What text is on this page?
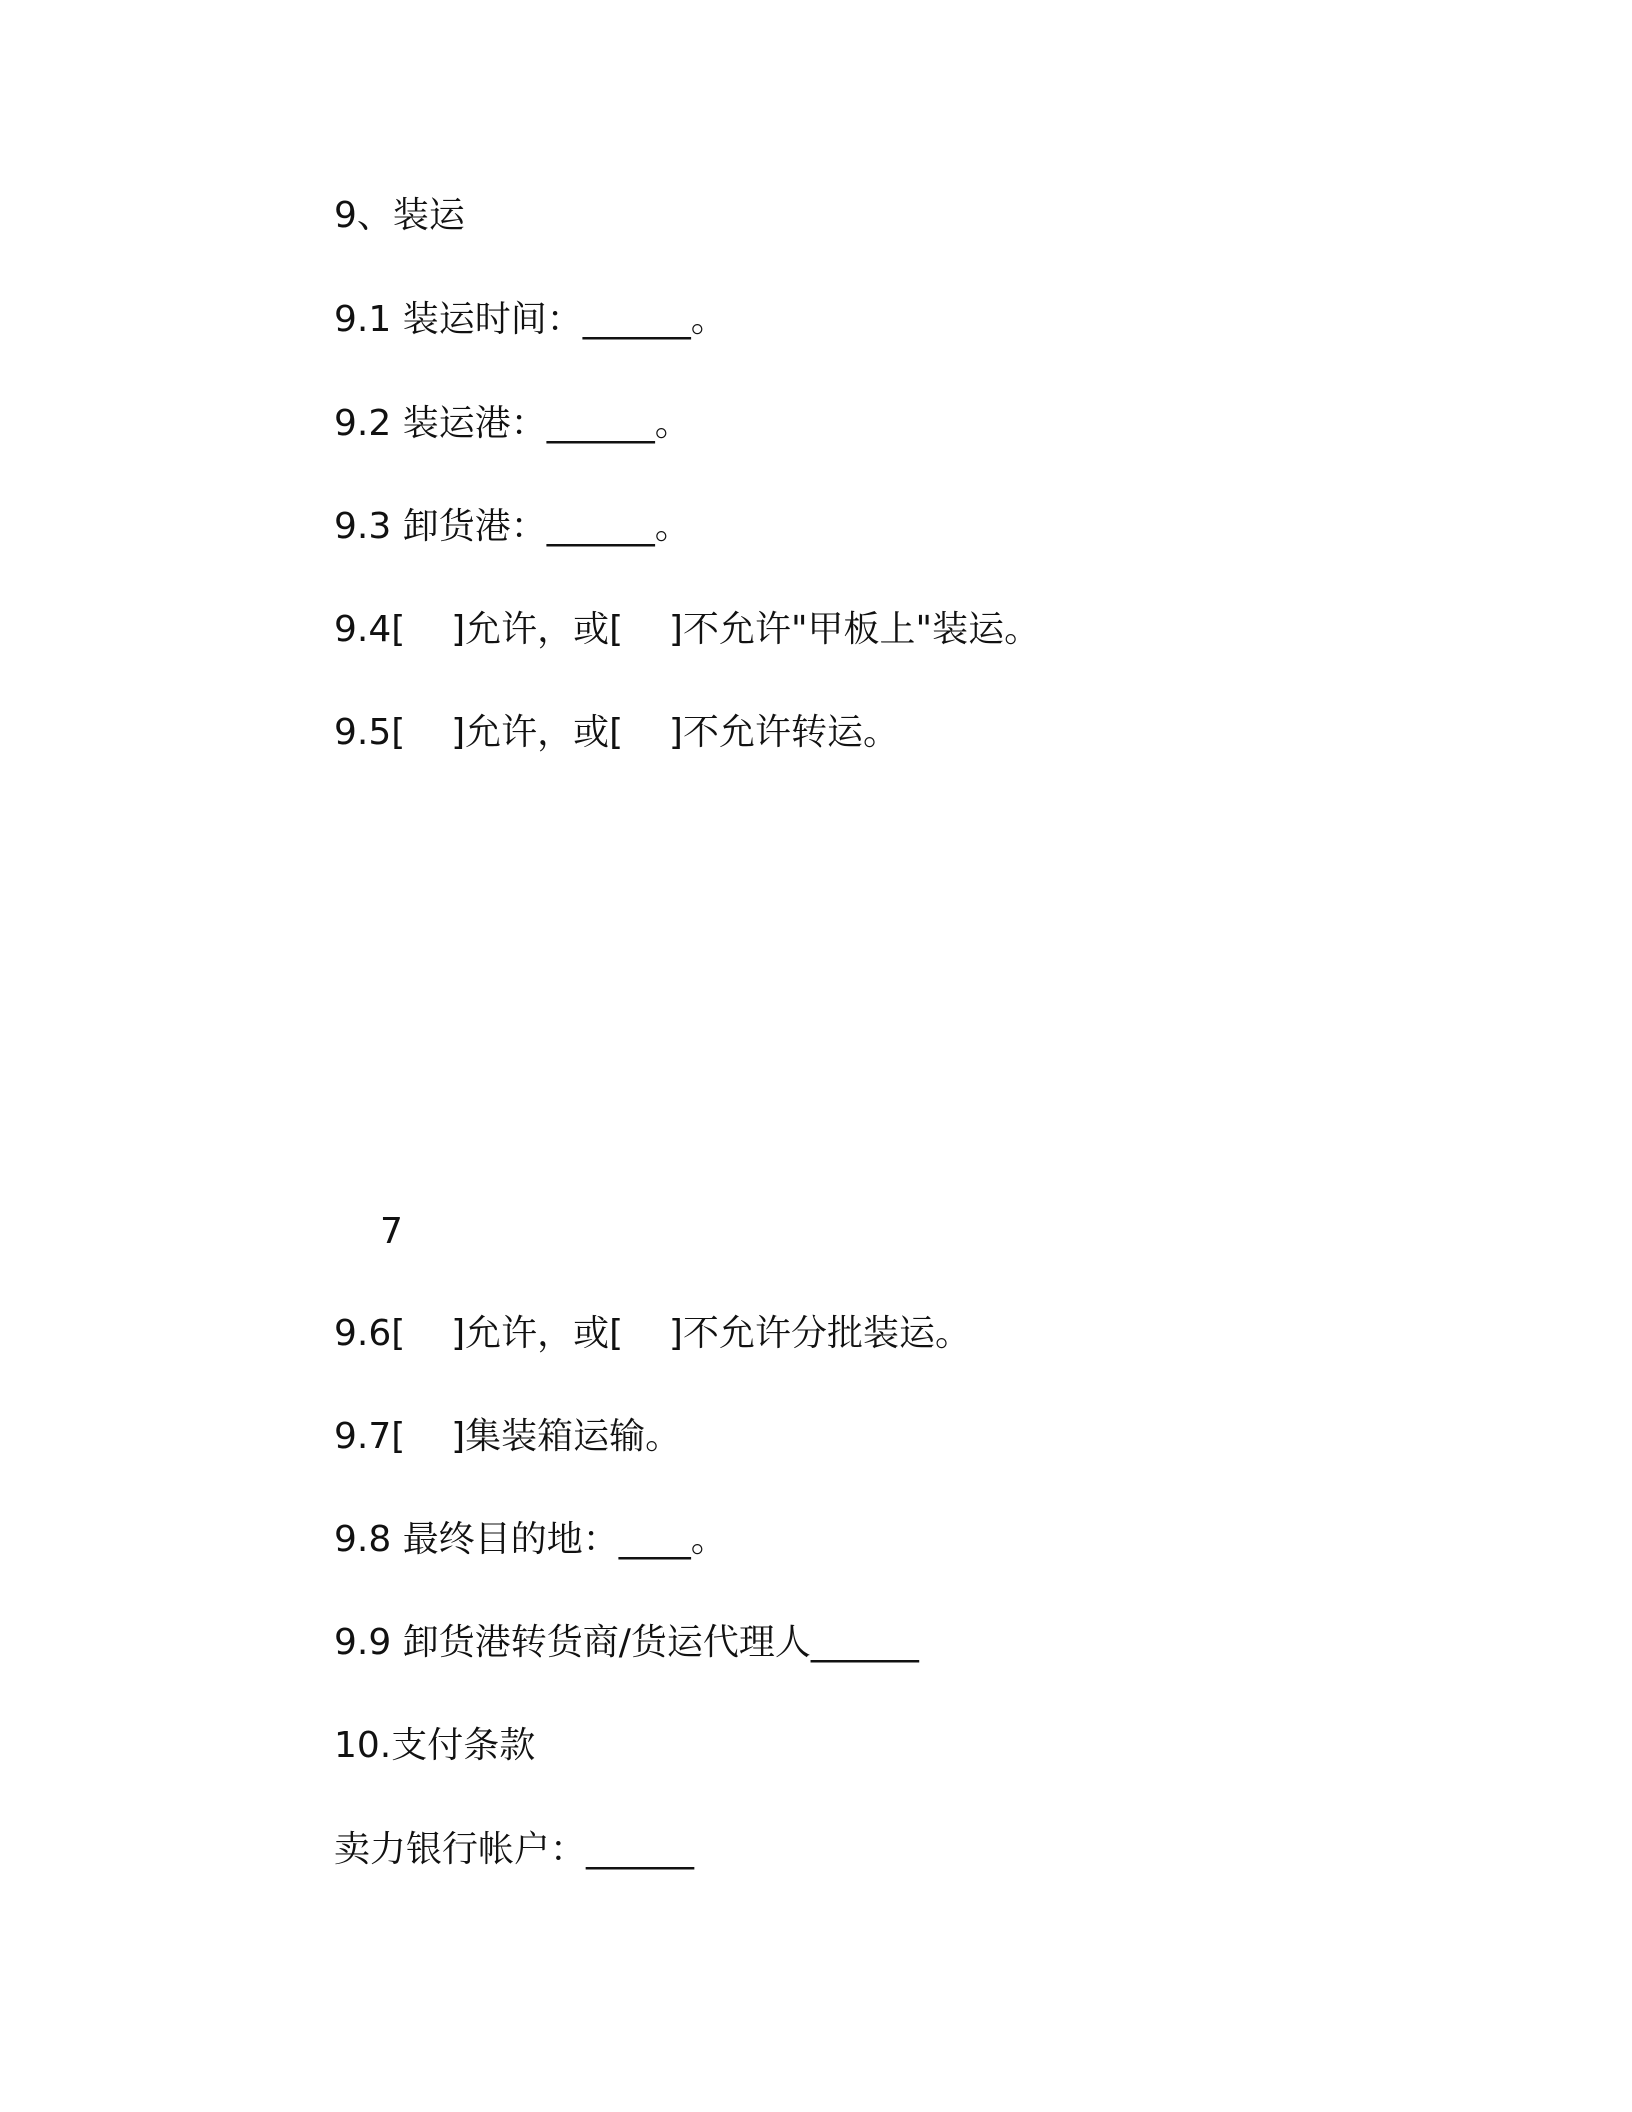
9、装运

9.1 装运时间：______。

9.2 装运港：______。

9.3 卸货港：______。

9.4[    ]允许，或[    ]不允许"甲板上"装运。

9.5[    ]允许，或[    ]不允许转运。

7

9.6[    ]允许，或[    ]不允许分批装运。

9.7[    ]集装箱运输。

9.8 最终目的地：____。

9.9 卸货港转货商/货运代理人______

10.支付条款

卖力银行帐户：______
